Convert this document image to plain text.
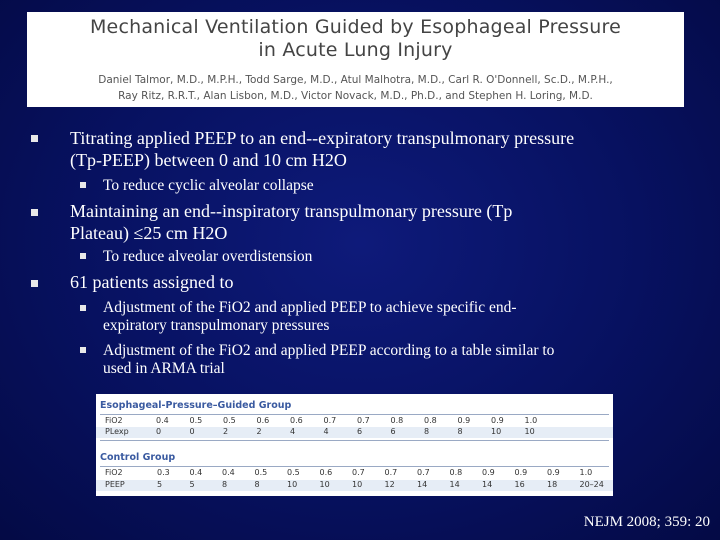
Mechanical Ventilation Guided by Esophageal Pressure
in Acute Lung Injury
Daniel Talmor, M.D., M.P.H., Todd Sarge, M.D., Atul Malhotra, M.D., Carl R. O'Donnell, Sc.D., M.P.H.,
Ray Ritz, R.R.T., Alan Lisbon, M.D., Victor Novack, M.D., Ph.D., and Stephen H. Loring, M.D.
Titrating applied PEEP to an end--expiratory transpulmonary pressure
(Tp-PEEP) between 0 and 10 cm H2O
To reduce cyclic alveolar collapse
Maintaining an end--inspiratory transpulmonary pressure (Tp
Plateau) ≤25 cm H2O
To reduce alveolar overdistension
61 patients assigned to
Adjustment of the FiO2 and applied PEEP to achieve specific end-
expiratory transpulmonary pressures
Adjustment of the FiO2 and applied PEEP according to a table similar to
used in ARMA trial
Esophageal-Pressure–Guided Group
FiO2	0.4	0.5	0.5	0.6	0.6	0.7	0.7	0.8	0.8	0.9	0.9	1.0
PLexp	0	0	2	2	4	4	6	6	8	8	10	10
Control Group
FiO2	0.3 0.4 0.4 0.5 0.5 0.6 0.7 0.7 0.7 0.8 0.9 0.9 0.9 1.0
PEEP	5	5	8	8	10	10	10	12	14	14	14	16	18	20–24
NEJM 2008; 359: 20
